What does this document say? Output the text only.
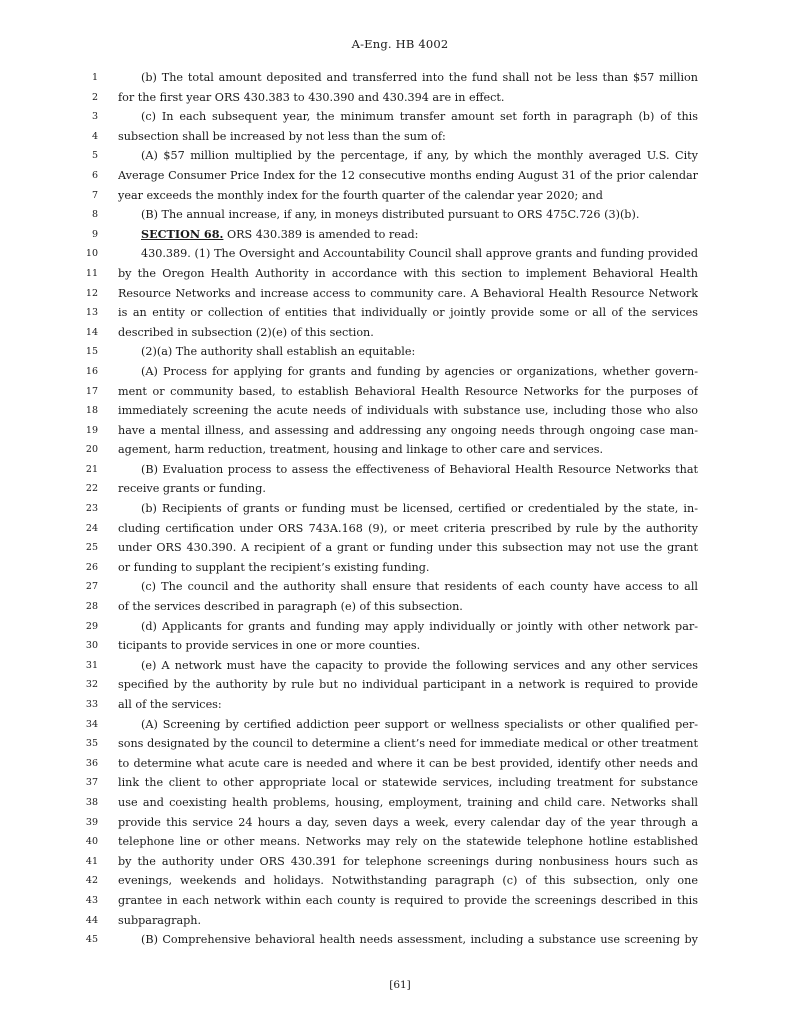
A-Eng. HB 4002
1	(b) The total amount deposited and transferred into the fund shall not be less than $57 million
2 for the first year ORS 430.383 to 430.390 and 430.394 are in effect.
3	(c) In each subsequent year, the minimum transfer amount set forth in paragraph (b) of this
4 subsection shall be increased by not less than the sum of:
5	(A) $57 million multiplied by the percentage, if any, by which the monthly averaged U.S. City
6 Average Consumer Price Index for the 12 consecutive months ending August 31 of the prior calendar
7 year exceeds the monthly index for the fourth quarter of the calendar year 2020; and
8	(B) The annual increase, if any, in moneys distributed pursuant to ORS 475C.726 (3)(b).
9	SECTION 68. ORS 430.389 is amended to read:
10	430.389. (1) The Oversight and Accountability Council shall approve grants and funding provided
11 by the Oregon Health Authority in accordance with this section to implement Behavioral Health
12 Resource Networks and increase access to community care. A Behavioral Health Resource Network
13 is an entity or collection of entities that individually or jointly provide some or all of the services
14 described in subsection (2)(e) of this section.
15	(2)(a) The authority shall establish an equitable:
16	(A) Process for applying for grants and funding by agencies or organizations, whether govern-
17 ment or community based, to establish Behavioral Health Resource Networks for the purposes of
18 immediately screening the acute needs of individuals with substance use, including those who also
19 have a mental illness, and assessing and addressing any ongoing needs through ongoing case man-
20 agement, harm reduction, treatment, housing and linkage to other care and services.
21	(B) Evaluation process to assess the effectiveness of Behavioral Health Resource Networks that
22 receive grants or funding.
23	(b) Recipients of grants or funding must be licensed, certified or credentialed by the state, in-
24 cluding certification under ORS 743A.168 (9), or meet criteria prescribed by rule by the authority
25 under ORS 430.390. A recipient of a grant or funding under this subsection may not use the grant
26 or funding to supplant the recipient’s existing funding.
27	(c) The council and the authority shall ensure that residents of each county have access to all
28 of the services described in paragraph (e) of this subsection.
29	(d) Applicants for grants and funding may apply individually or jointly with other network par-
30 ticipants to provide services in one or more counties.
31	(e) A network must have the capacity to provide the following services and any other services
32 specified by the authority by rule but no individual participant in a network is required to provide
33 all of the services:
34	(A) Screening by certified addiction peer support or wellness specialists or other qualified per-
35 sons designated by the council to determine a client’s need for immediate medical or other treatment
36 to determine what acute care is needed and where it can be best provided, identify other needs and
37 link the client to other appropriate local or statewide services, including treatment for substance
38 use and coexisting health problems, housing, employment, training and child care. Networks shall
39 provide this service 24 hours a day, seven days a week, every calendar day of the year through a
40 telephone line or other means. Networks may rely on the statewide telephone hotline established
41 by the authority under ORS 430.391 for telephone screenings during nonbusiness hours such as
42 evenings, weekends and holidays. Notwithstanding paragraph (c) of this subsection, only one
43 grantee in each network within each county is required to provide the screenings described in this
44 subparagraph.
45	(B) Comprehensive behavioral health needs assessment, including a substance use screening by
[61]
